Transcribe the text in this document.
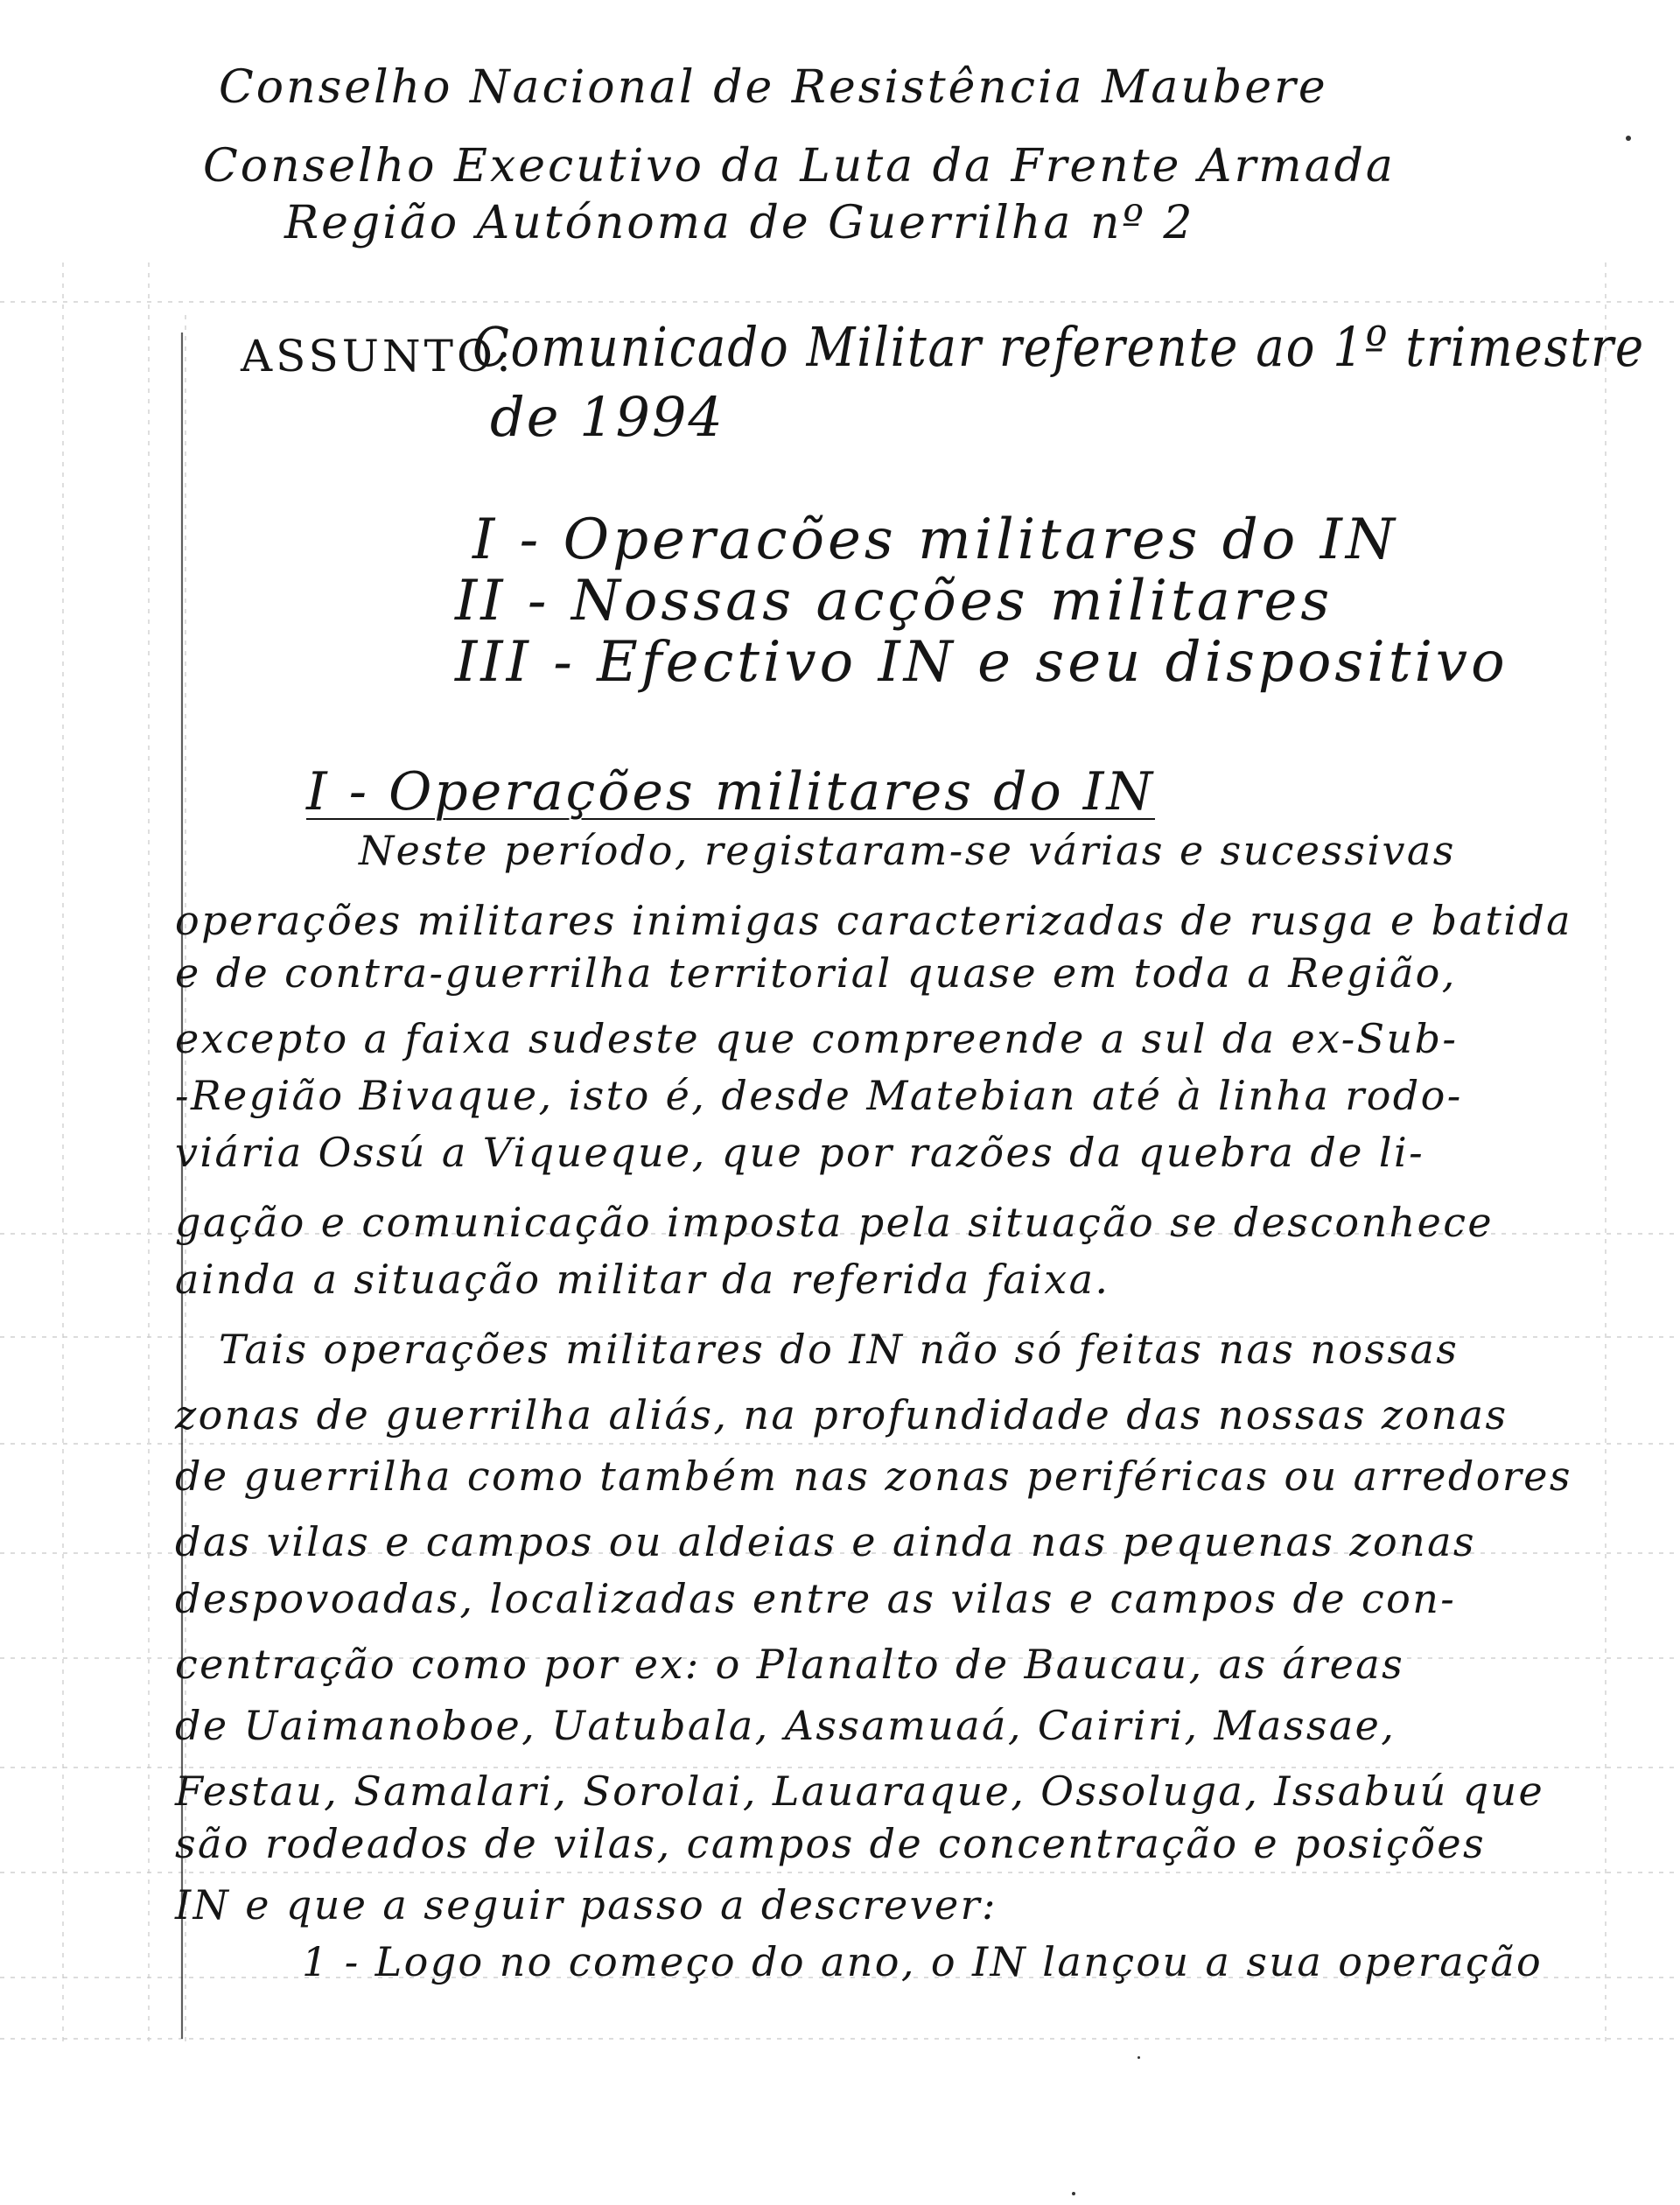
Conselho Nacional de Resistência Maubere
Conselho Executivo da Luta da Frente Armada
Região Autónoma de Guerrilha nº 2
ASSUNTO:
Comunicado Militar referente ao 1º trimestre
de 1994
I - Operacões militares do IN
II - Nossas acções militares
III - Efectivo IN e seu dispositivo
I - Operações militares do IN
Neste período, registaram-se várias e sucessivas
operações militares inimigas caracterizadas de rusga e batida
e de contra-guerrilha territorial quase em toda a Região,
excepto a faixa sudeste que compreende a sul da ex-Sub-
-Região Bivaque, isto é, desde Matebian até à linha rodo-
viária Ossú a Viqueque, que por razões da quebra de li-
gação e comunicação imposta pela situação se desconhece
ainda a situação militar da referida faixa.
Tais operações militares do IN não só feitas nas nossas
zonas de guerrilha aliás, na profundidade das nossas zonas
de guerrilha como também nas zonas periféricas ou arredores
das vilas e campos ou aldeias e ainda nas pequenas zonas
despovoadas, localizadas entre as vilas e campos de con-
centração como por ex: o Planalto de Baucau, as áreas
de Uaimanoboe, Uatubala, Assamuaá, Cairiri, Massae,
Festau, Samalari, Sorolai, Lauaraque, Ossoluga, Issabuú que
são rodeados de vilas, campos de concentração e posições
IN e que a seguir passo a descrever:
1 - Logo no começo do ano, o IN lançou a sua operação
